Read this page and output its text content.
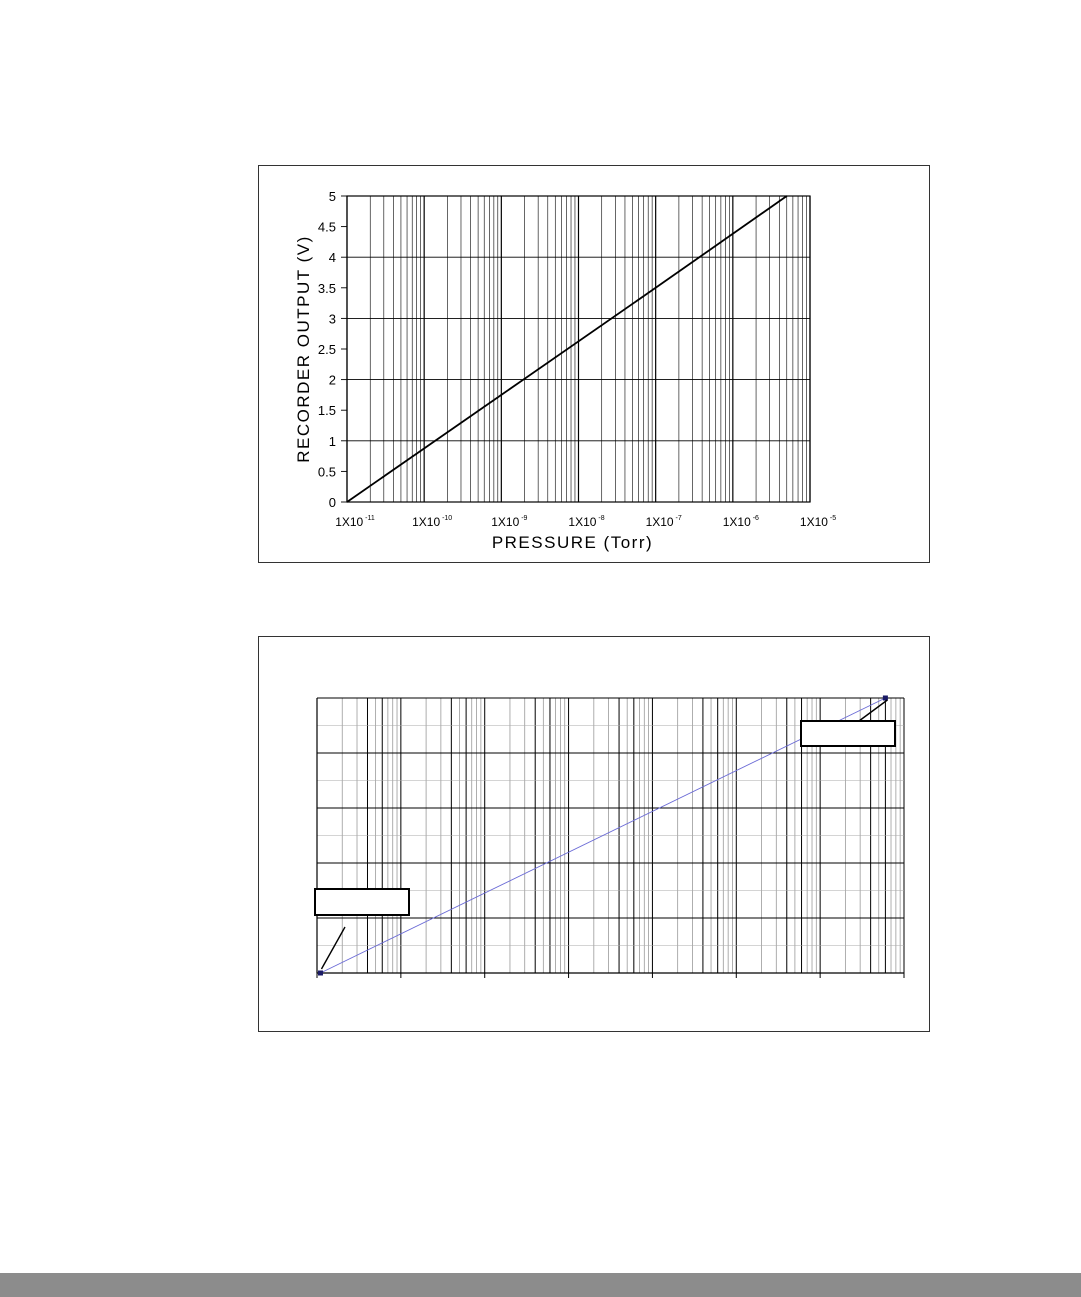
0
0.5
1
1.5
2
2.5
3
3.5
4
4.5
5
1X10 $^{-11}$	1X10 $^{-10}$	1X10 $^{-9}$	1X10 $^{-8}$	1X10 $^{-7}$	1X10 $^{-6}$	1X10 $^{-5}$
PRESSURE (Torr)
RECORDER OUTPUT (V)
